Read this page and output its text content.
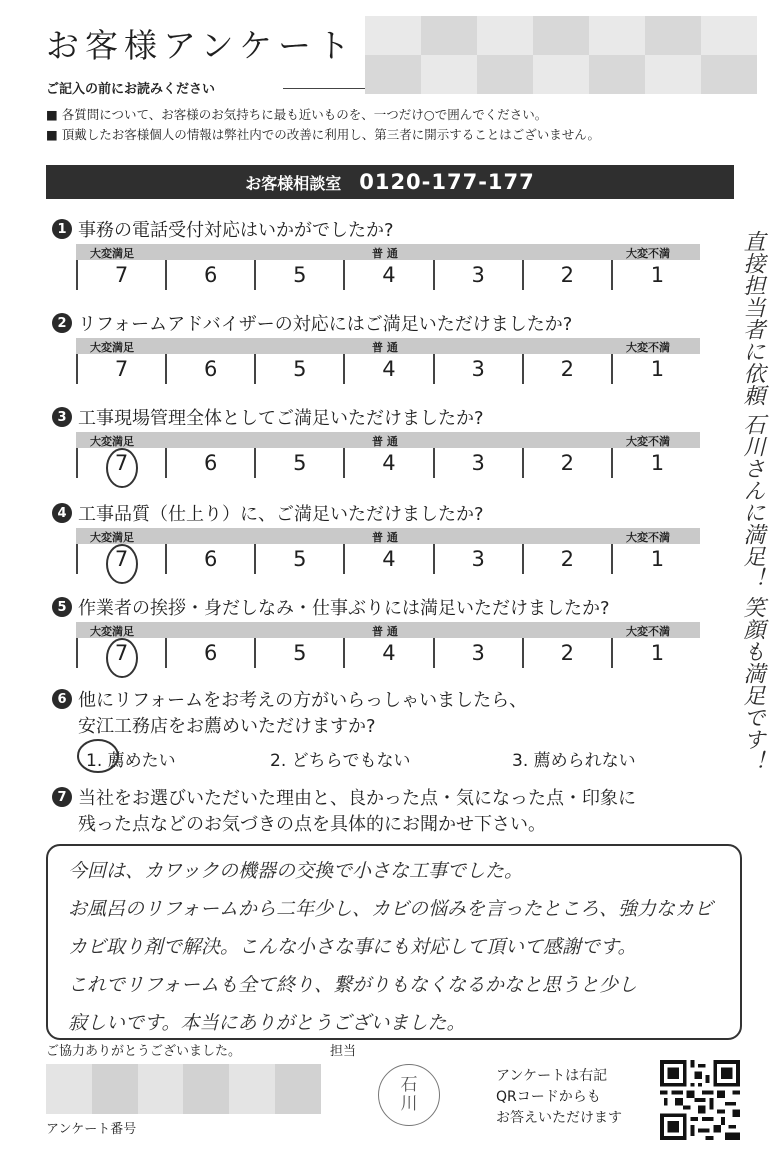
お客様アンケート
ご記入の前にお読みください
■ 各質問について、お客様のお気持ちに最も近いものを、一つだけ○で囲んでください。
■ 頂戴したお客様個人の情報は弊社内での改善に利用し、第三者に開示することはございません。
お客様相談室 0120-177-177
1 事務の電話受付対応はいかがでしたか?
大変満足	普 通	大変不満
7	6	5	4	3	2	1
2 リフォームアドバイザーの対応にはご満足いただけましたか?
大変満足	普 通	大変不満
7	6	5	4	3	2	1
3 工事現場管理全体としてご満足いただけましたか?
大変満足	普 通	大変不満
7	6	5	4	3	2	1
4 工事品質（仕上り）に、ご満足いただけましたか?
大変満足	普 通	大変不満
7	6	5	4	3	2	1
5 作業者の挨拶・身だしなみ・仕事ぶりには満足いただけましたか?
大変満足	普 通	大変不満
7	6	5	4	3	2	1
6 他にリフォームをお考えの方がいらっしゃいましたら、
安江工務店をお薦めいただけますか?
1. 薦めたい	2. どちらでもない	3. 薦められない
7 当社をお選びいただいた理由と、良かった点・気になった点・印象に
残った点などのお気づきの点を具体的にお聞かせ下さい。
今回は、カワックの機器の交換で小さな工事でした。
お風呂のリフォームから二年少し、カビの悩みを言ったところ、強力なカビ
カビ取り剤で解決。こんな小さな事にも対応して頂いて感謝です。
これでリフォームも全て終り、繋がりもなくなるかなと思うと少し
寂しいです。本当にありがとうございました。
直接担当者に依頼 石川さんに満足！ 笑顔も満足です！
ご協力ありがとうございました。	担当
アンケート番号
石
川
アンケートは右記
QRコードからも
お答えいただけます
